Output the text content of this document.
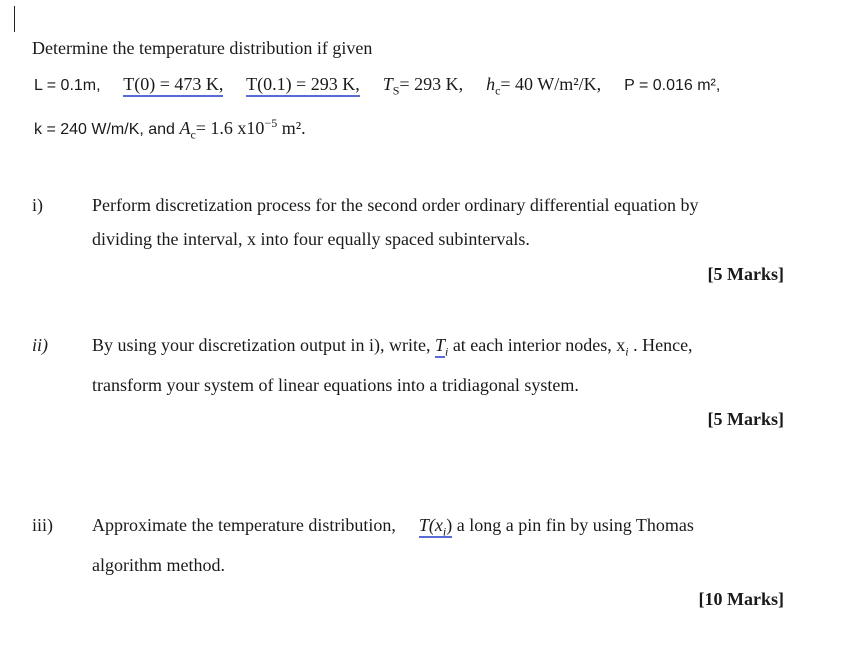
Determine the temperature distribution if given
L = 0.1m, T(0) = 473 K, T(0.1) = 293 K, $T_S= 293$ K, $h_c= 40$ W/m²/K, P = 0.016 m²,
k = 240 W/m/K, and $A_c= 1.6$ $x10^{-5}$ m².
i)	Perform discretization process for the second order ordinary differential equation by
dividing the interval, x into four equally spaced subintervals.
[5 Marks]
ii) By using your discretization output in i), write, $T_i$ at each interior nodes, $x_i$ . Hence,
transform your system of linear equations into a tridiagonal system.
[5 Marks]
iii) Approximate the temperature distribution, $T(x_i)$ a long a pin fin by using Thomas
algorithm method.
[10 Marks]
